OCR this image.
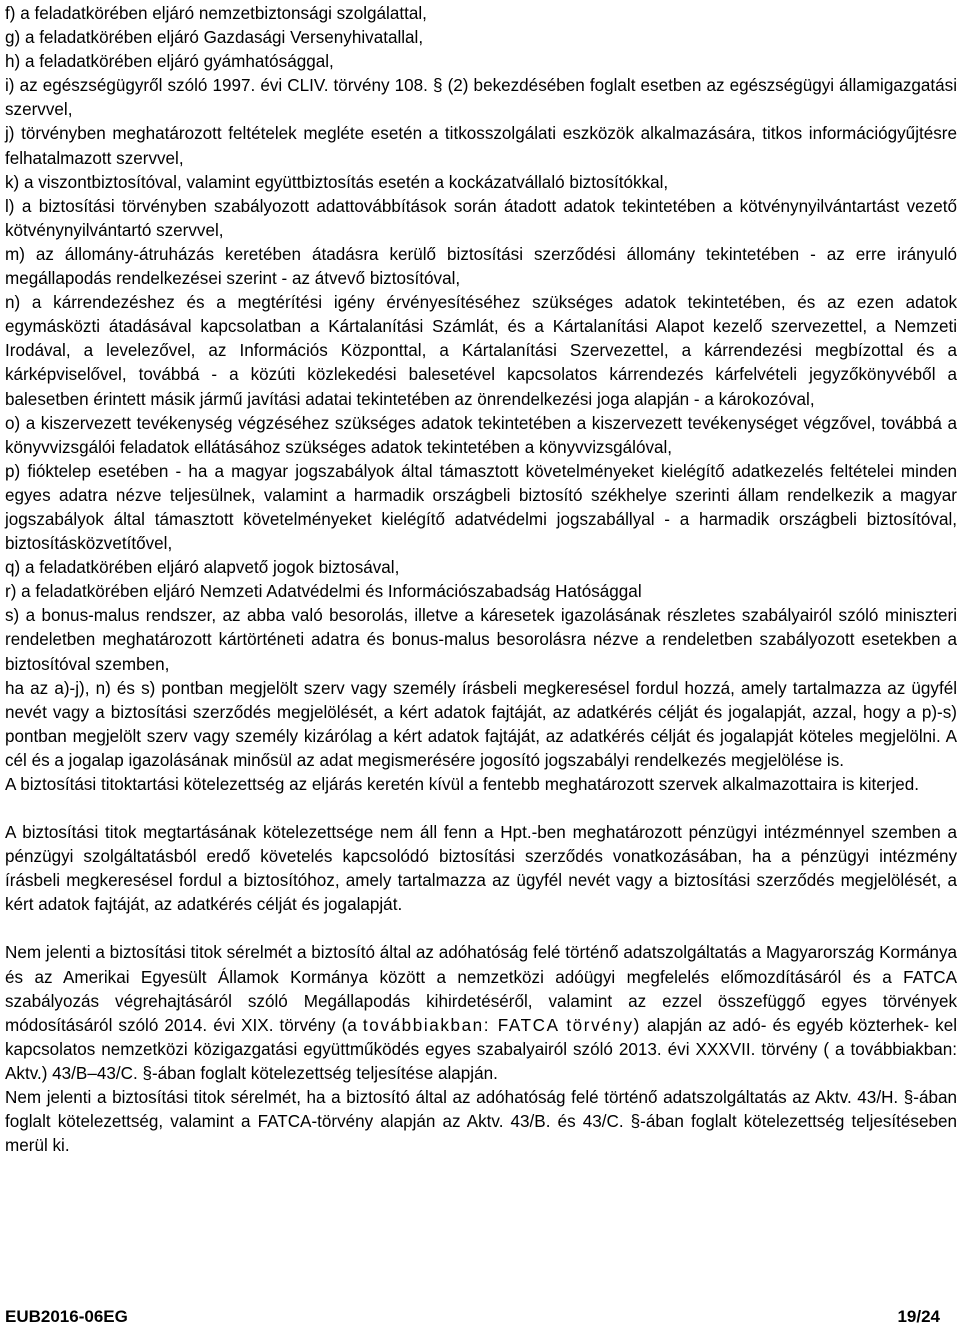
f) a feladatkörében eljáró nemzetbiztonsági szolgálattal,

g) a feladatkörében eljáró Gazdasági Versenyhivatallal,

h) a feladatkörében eljáró gyámhatósággal,

i) az egészségügyről szóló 1997. évi CLIV. törvény 108. § (2) bekezdésében foglalt esetben az egészségügyi államigazgatási szervvel,

j) törvényben meghatározott feltételek megléte esetén a titkosszolgálati eszközök alkalmazására, titkos információgyűjtésre felhatalmazott szervvel,

k) a viszontbiztosítóval, valamint együttbiztosítás esetén a kockázatvállaló biztosítókkal,

l) a biztosítási törvényben szabályozott adattovábbítások során átadott adatok tekintetében a kötvénynyilvántartást vezető kötvénynyilvántartó szervvel,

m) az állomány-átruházás keretében átadásra kerülő biztosítási szerződési állomány tekintetében - az erre irányuló megállapodás rendelkezései szerint - az átvevő biztosítóval,

n) a kárrendezéshez és a megtérítési igény érvényesítéséhez szükséges adatok tekintetében, és az ezen adatok egymásközti átadásával kapcsolatban a Kártalanítási Számlát, és a Kártalanítási Alapot kezelő szervezettel, a Nemzeti Irodával, a levelezővel, az Információs Központtal, a Kártalanítási Szervezettel, a kárrendezési megbízottal és a kárképviselővel, továbbá - a közúti közlekedési balesetével kapcsolatos kárrendezés kárfelvételi jegyzőkönyvéből a balesetben érintett másik jármű javítási adatai tekintetében az önrendelkezési joga alapján - a károkozóval,

o) a kiszervezett tevékenység végzéséhez szükséges adatok tekintetében a kiszervezett tevékenységet végzővel, továbbá a könyvvizsgálói feladatok ellátásához szükséges adatok tekintetében a könyvvizsgálóval,

p) fióktelep esetében - ha a magyar jogszabályok által támasztott követelményeket kielégítő adatkezelés feltételei minden egyes adatra nézve teljesülnek, valamint a harmadik országbeli biztosító székhelye szerinti állam rendelkezik a magyar jogszabályok által támasztott követelményeket kielégítő adatvédelmi jogszabállyal - a harmadik országbeli biztosítóval, biztosításközvetítővel,

q) a feladatkörében eljáró alapvető jogok biztosával,

r) a feladatkörében eljáró Nemzeti Adatvédelmi és Információszabadság Hatósággal

s) a bonus-malus rendszer, az abba való besorolás, illetve a káresetek igazolásának részletes szabályairól szóló miniszteri rendeletben meghatározott kártörténeti adatra és bonus-malus besorolásra nézve a rendeletben szabályozott esetekben a biztosítóval szemben,

ha az a)-j), n) és s) pontban megjelölt szerv vagy személy írásbeli megkeresésel fordul hozzá, amely tartalmazza az ügyfél nevét vagy a biztosítási szerződés megjelölését, a kért adatok fajtáját, az adatkérés célját és jogalapját, azzal, hogy a p)-s) pontban megjelölt szerv vagy személy kizárólag a kért adatok fajtáját, az adatkérés célját és jogalapját köteles megjelölni. A cél és a jogalap igazolásának minősül az adat megismerésére jogosító jogszabályi rendelkezés megjelölése is.

A biztosítási titoktartási kötelezettség az eljárás keretén kívül a fentebb meghatározott szervek alkalmazottaira is kiterjed.

A biztosítási titok megtartásának kötelezettsége nem áll fenn a Hpt.-ben meghatározott pénzügyi intézménnyel szemben a pénzügyi szolgáltatásból eredő követelés kapcsolódó biztosítási szerződés vonatkozásában, ha a pénzügyi intézmény írásbeli megkeresésel fordul a biztosítóhoz, amely tartalmazza az ügyfél nevét vagy a biztosítási szerződés megjelölését, a kért adatok fajtáját, az adatkérés célját és jogalapját.

Nem jelenti a biztosítási titok sérelmét a biztosító által az adóhatóság felé történő adatszolgáltatás a Magyarország Kormánya és az Amerikai Egyesült Államok Kormánya között a nemzetközi adóügyi megfelelés előmozdításáról és a FATCA szabályozás végrehajtásáról szóló Megállapodás kihirdetéséről, valamint az ezzel összefüggő egyes törvények módosításáról szóló 2014. évi XIX. törvény (a továbbiakban: FATCA törvény) alapján az adó- és egyéb közterhek- kel kapcsolatos nemzetközi közigazgatási együttműködés egyes szabalyairól szóló 2013. évi XXXVII. törvény ( a továbbiakban: Aktv.) 43/B–43/C. §-ában foglalt kötelezettség teljesítése alapján.

Nem jelenti a biztosítási titok sérelmét, ha a biztosító által az adóhatóság felé történő adatszolgáltatás az Aktv. 43/H. §-ában foglalt kötelezettség, valamint a FATCA-törvény alapján az Aktv. 43/B. és 43/C. §-ában foglalt kötelezettség teljesítéseben merül ki.

EUB2016-06EG	19/24
